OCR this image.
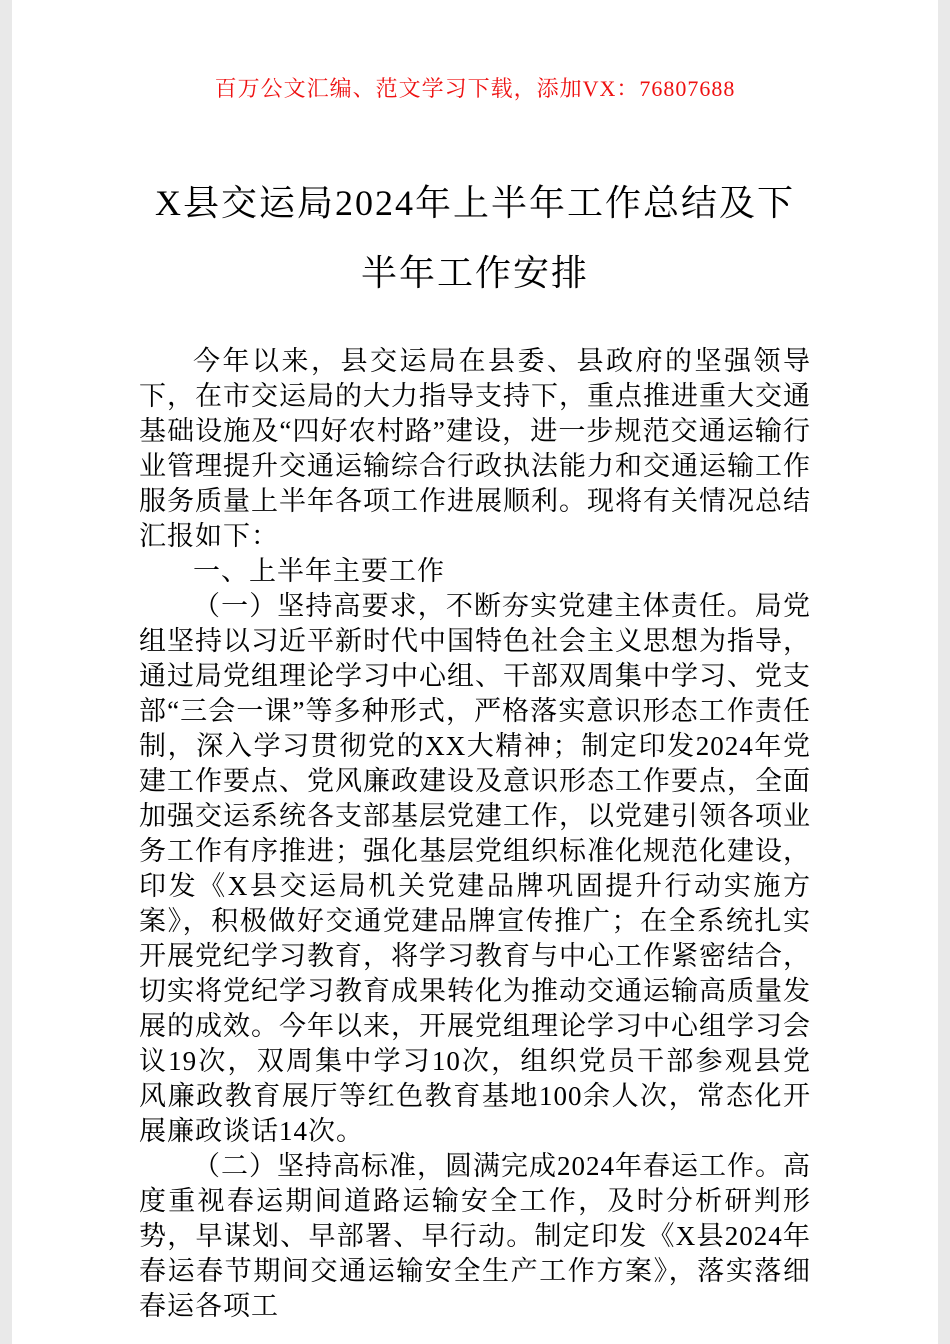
百万公文汇编、范文学习下载，添加VX：76807688
X县交运局2024年上半年工作总结及下半年工作安排

今年以来，县交运局在县委、县政府的坚强领导下，在市交运局的大力指导支持下，重点推进重大交通基础设施及“四好农村路”建设，进一步规范交通运输行业管理提升交通运输综合行政执法能力和交通运输工作服务质量上半年各项工作进展顺利。现将有关情况总结汇报如下：

一、上半年主要工作

（一）坚持高要求，不断夯实党建主体责任。局党组坚持以习近平新时代中国特色社会主义思想为指导，通过局党组理论学习中心组、干部双周集中学习、党支部“三会一课”等多种形式，严格落实意识形态工作责任制，深入学习贯彻党的XX大精神；制定印发2024年党建工作要点、党风廉政建设及意识形态工作要点，全面加强交运系统各支部基层党建工作，以党建引领各项业务工作有序推进；强化基层党组织标准化规范化建设，印发《X县交运局机关党建品牌巩固提升行动实施方案》，积极做好交通党建品牌宣传推广；在全系统扎实开展党纪学习教育，将学习教育与中心工作紧密结合，切实将党纪学习教育成果转化为推动交通运输高质量发展的成效。今年以来，开展党组理论学习中心组学习会议19次，双周集中学习10次，组织党员干部参观县党风廉政教育展厅等红色教育基地100余人次，常态化开展廉政谈话14次。

（二）坚持高标准，圆满完成2024年春运工作。高度重视春运期间道路运输安全工作，及时分析研判形势，早谋划、早部署、早行动。制定印发《X县2024年春运春节期间交通运输安全生产工作方案》，落实落细春运各项工
